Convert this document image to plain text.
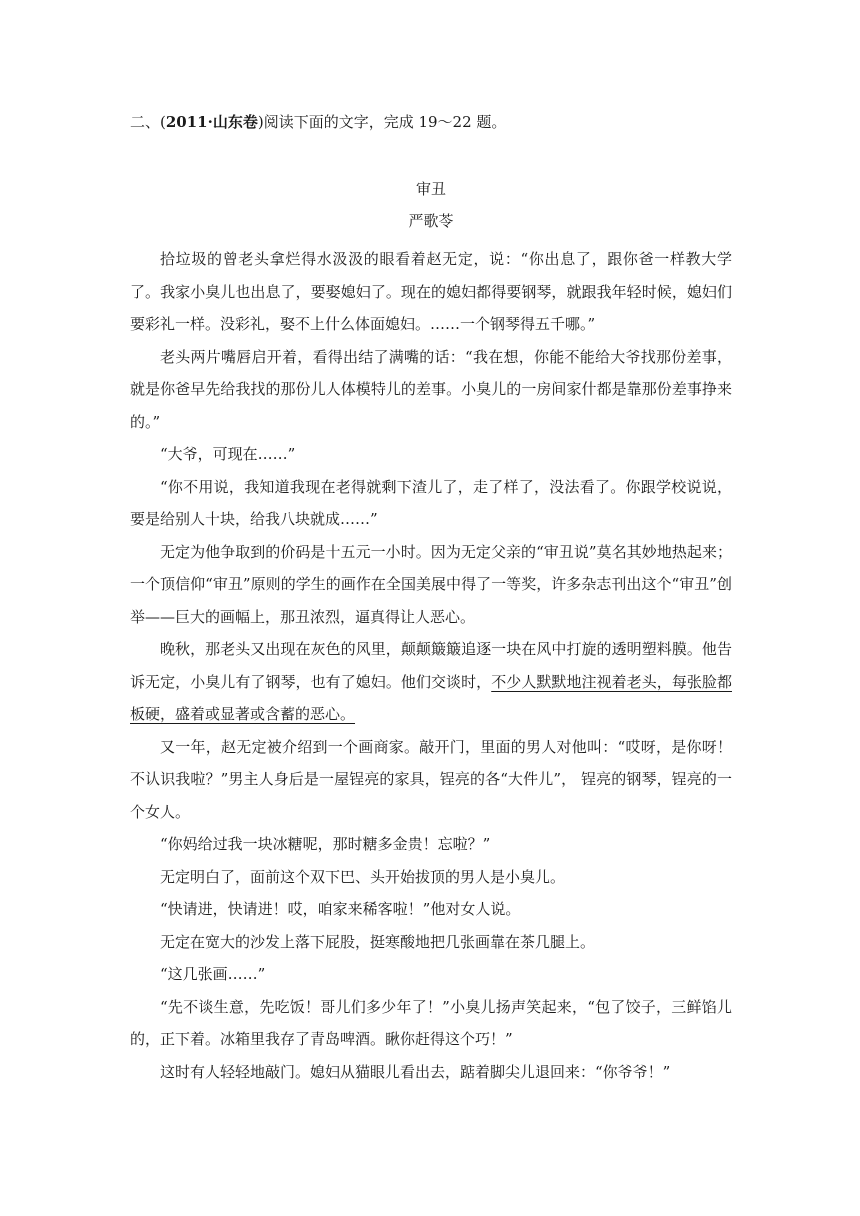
二、(2011·山东卷)阅读下面的文字，完成 19～22 题。
审丑
严歌苓

拾垃圾的曾老头拿烂得水汲汲的眼看着赵无定，说：“你出息了，跟你爸一样教大学了。我家小臭儿也出息了，要娶媳妇了。现在的媳妇都得要钢琴，就跟我年轻时候，媳妇们要彩礼一样。没彩礼，娶不上什么体面媳妇。……一个钢琴得五千哪。”

老头两片嘴唇启开着，看得出结了满嘴的话：“我在想，你能不能给大爷找那份差事，就是你爸早先给我找的那份儿人体模特儿的差事。小臭儿的一房间家什都是靠那份差事挣来的。”

“大爷，可现在……”

“你不用说，我知道我现在老得就剩下渣儿了，走了样了，没法看了。你跟学校说说，要是给别人十块，给我八块就成……”

无定为他争取到的价码是十五元一小时。因为无定父亲的“审丑说”莫名其妙地热起来；一个顶信仰“审丑”原则的学生的画作在全国美展中得了一等奖，许多杂志刊出这个“审丑”创举——巨大的画幅上，那丑浓烈，逼真得让人恶心。

晚秋，那老头又出现在灰色的风里，颠颠簸簸追逐一块在风中打旋的透明塑料膜。他告诉无定，小臭儿有了钢琴，也有了媳妇。他们交谈时，不少人默默地注视着老头，每张脸都板硬，盛着或显著或含蓄的恶心。

又一年，赵无定被介绍到一个画商家。敲开门，里面的男人对他叫：“哎呀，是你呀！不认识我啦？”男主人身后是一屋锃亮的家具，锃亮的各“大件儿”， 锃亮的钢琴，锃亮的一个女人。

“你妈给过我一块冰糖呢，那时糖多金贵！忘啦？”

无定明白了，面前这个双下巴、头开始拔顶的男人是小臭儿。

“快请进，快请进！哎，咱家来稀客啦！”他对女人说。

无定在宽大的沙发上落下屁股，挺寒酸地把几张画靠在茶几腿上。

“这几张画……”

“先不谈生意，先吃饭！哥儿们多少年了！”小臭儿扬声笑起来，“包了饺子，三鲜馅儿的，正下着。冰箱里我存了青岛啤酒。瞅你赶得这个巧！”

这时有人轻轻地敲门。媳妇从猫眼儿看出去，踮着脚尖儿退回来：“你爷爷！”
